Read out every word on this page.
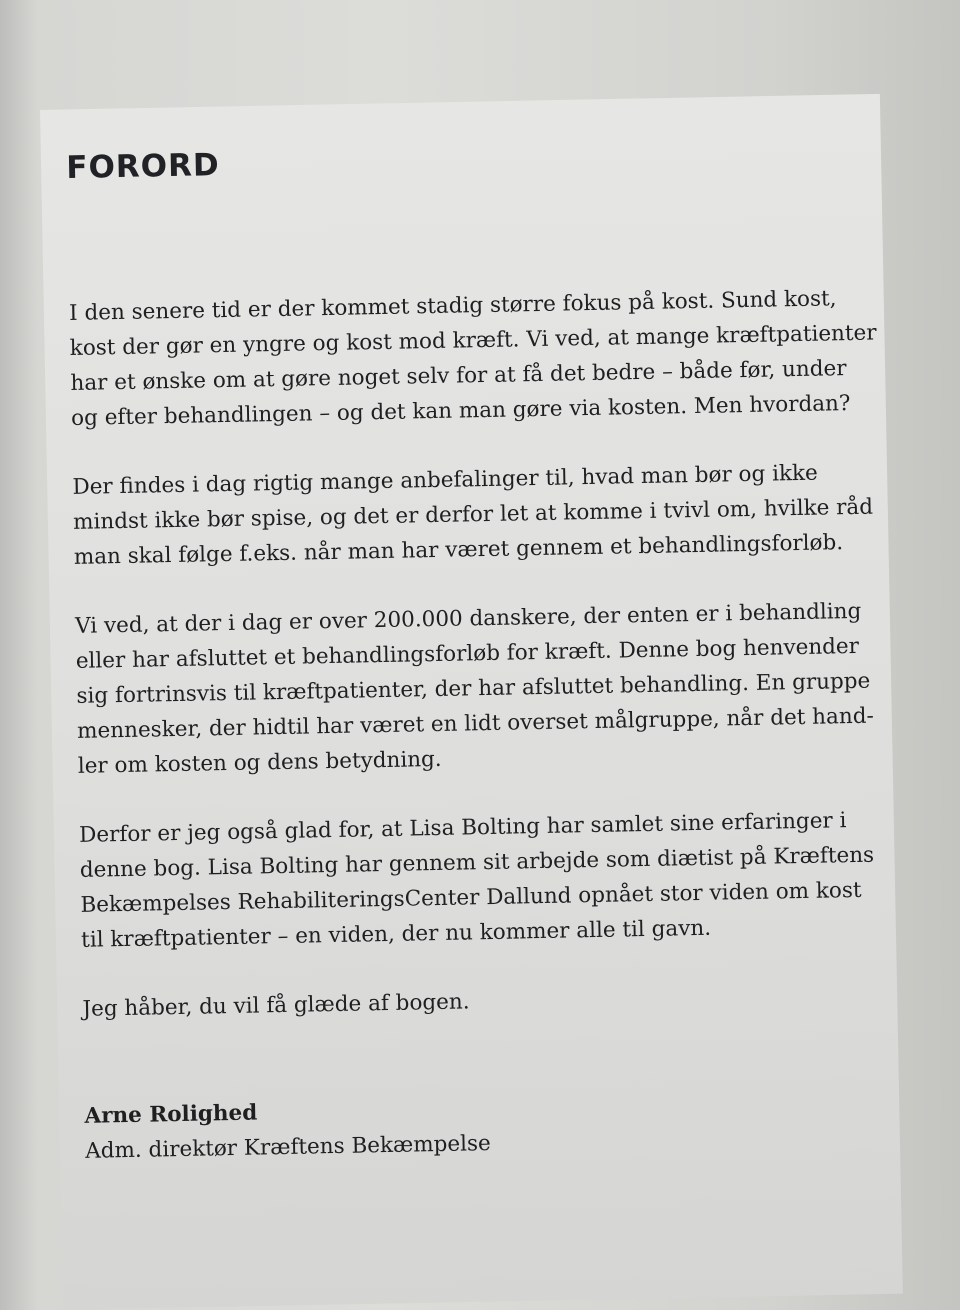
FORORD
I den senere tid er der kommet stadig større fokus på kost. Sund kost,
kost der gør en yngre og kost mod kræft. Vi ved, at mange kræftpatienter
har et ønske om at gøre noget selv for at få det bedre – både før, under
og efter behandlingen – og det kan man gøre via kosten. Men hvordan?
Der findes i dag rigtig mange anbefalinger til, hvad man bør og ikke
mindst ikke bør spise, og det er derfor let at komme i tvivl om, hvilke råd
man skal følge f.eks. når man har været gennem et behandlingsforløb.
Vi ved, at der i dag er over 200.000 danskere, der enten er i behandling
eller har afsluttet et behandlingsforløb for kræft. Denne bog henvender
sig fortrinsvis til kræftpatienter, der har afsluttet behandling. En gruppe
mennesker, der hidtil har været en lidt overset målgruppe, når det hand-
ler om kosten og dens betydning.
Derfor er jeg også glad for, at Lisa Bolting har samlet sine erfaringer i
denne bog. Lisa Bolting har gennem sit arbejde som diætist på Kræftens
Bekæmpelses RehabiliteringsCenter Dallund opnået stor viden om kost
til kræftpatienter – en viden, der nu kommer alle til gavn.
Jeg håber, du vil få glæde af bogen.
Arne Rolighed
Adm. direktør Kræftens Bekæmpelse
